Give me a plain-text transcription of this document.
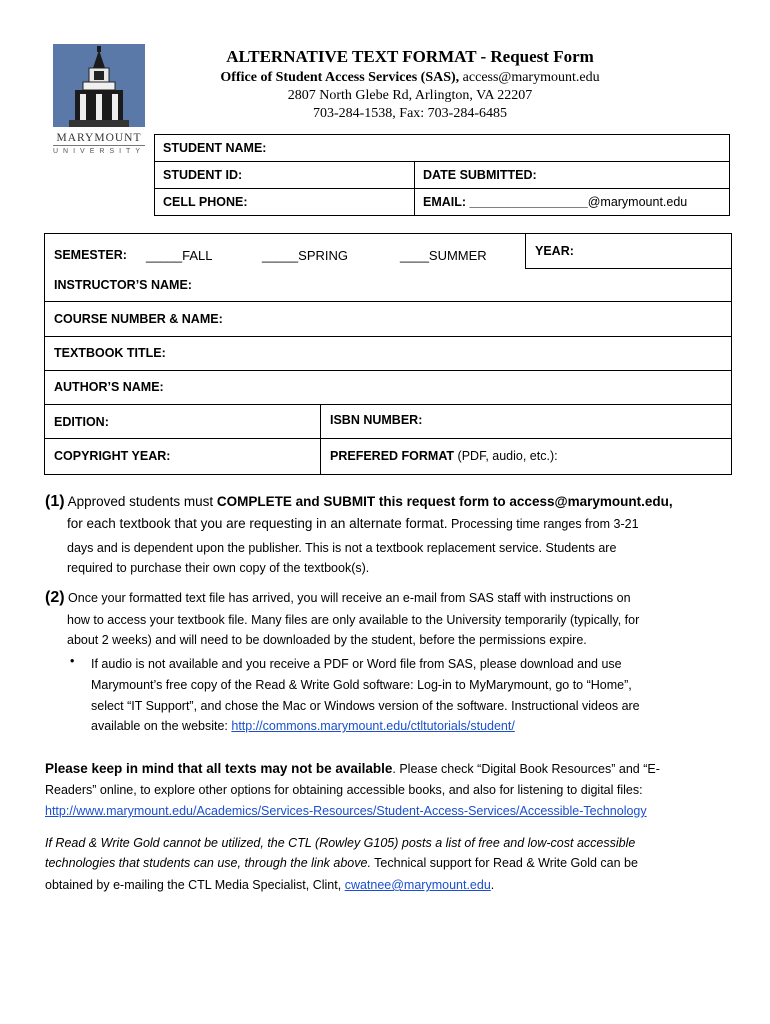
MARYMOUNT
UNIVERSITY
ALTERNATIVE TEXT FORMAT - Request Form
Office of Student Access Services (SAS), access@marymount.edu
2807 North Glebe Rd, Arlington, VA 22207
703-284-1538, Fax: 703-284-6485
STUDENT NAME:
STUDENT ID:	DATE SUBMITTED:
CELL PHONE:	EMAIL: _________________@marymount.edu
SEMESTER: _____FALL	_____SPRING	____SUMMER	YEAR:
INSTRUCTOR’S NAME:
COURSE NUMBER & NAME:
TEXTBOOK TITLE:
AUTHOR’S NAME:
EDITION:	ISBN NUMBER:
COPYRIGHT YEAR:	PREFERED FORMAT (PDF, audio, etc.):
(1) Approved students must COMPLETE and SUBMIT this request form to access@marymount.edu,
for each textbook that you are requesting in an alternate format. Processing time ranges from 3-21
days and is dependent upon the publisher. This is not a textbook replacement service. Students are
required to purchase their own copy of the textbook(s).
(2) Once your formatted text file has arrived, you will receive an e-mail from SAS staff with instructions on
how to access your textbook file. Many files are only available to the University temporarily (typically, for
about 2 weeks) and will need to be downloaded by the student, before the permissions expire.
• If audio is not available and you receive a PDF or Word file from SAS, please download and use
Marymount’s free copy of the Read & Write Gold software: Log-in to MyMarymount, go to “Home”,
select “IT Support”, and chose the Mac or Windows version of the software. Instructional videos are
available on the website: http://commons.marymount.edu/ctltutorials/student/
Please keep in mind that all texts may not be available. Please check “Digital Book Resources” and “E-
Readers” online, to explore other options for obtaining accessible books, and also for listening to digital files:
http://www.marymount.edu/Academics/Services-Resources/Student-Access-Services/Accessible-Technology
If Read & Write Gold cannot be utilized, the CTL (Rowley G105) posts a list of free and low-cost accessible
technologies that students can use, through the link above. Technical support for Read & Write Gold can be
obtained by e-mailing the CTL Media Specialist, Clint, cwatnee@marymount.edu.
